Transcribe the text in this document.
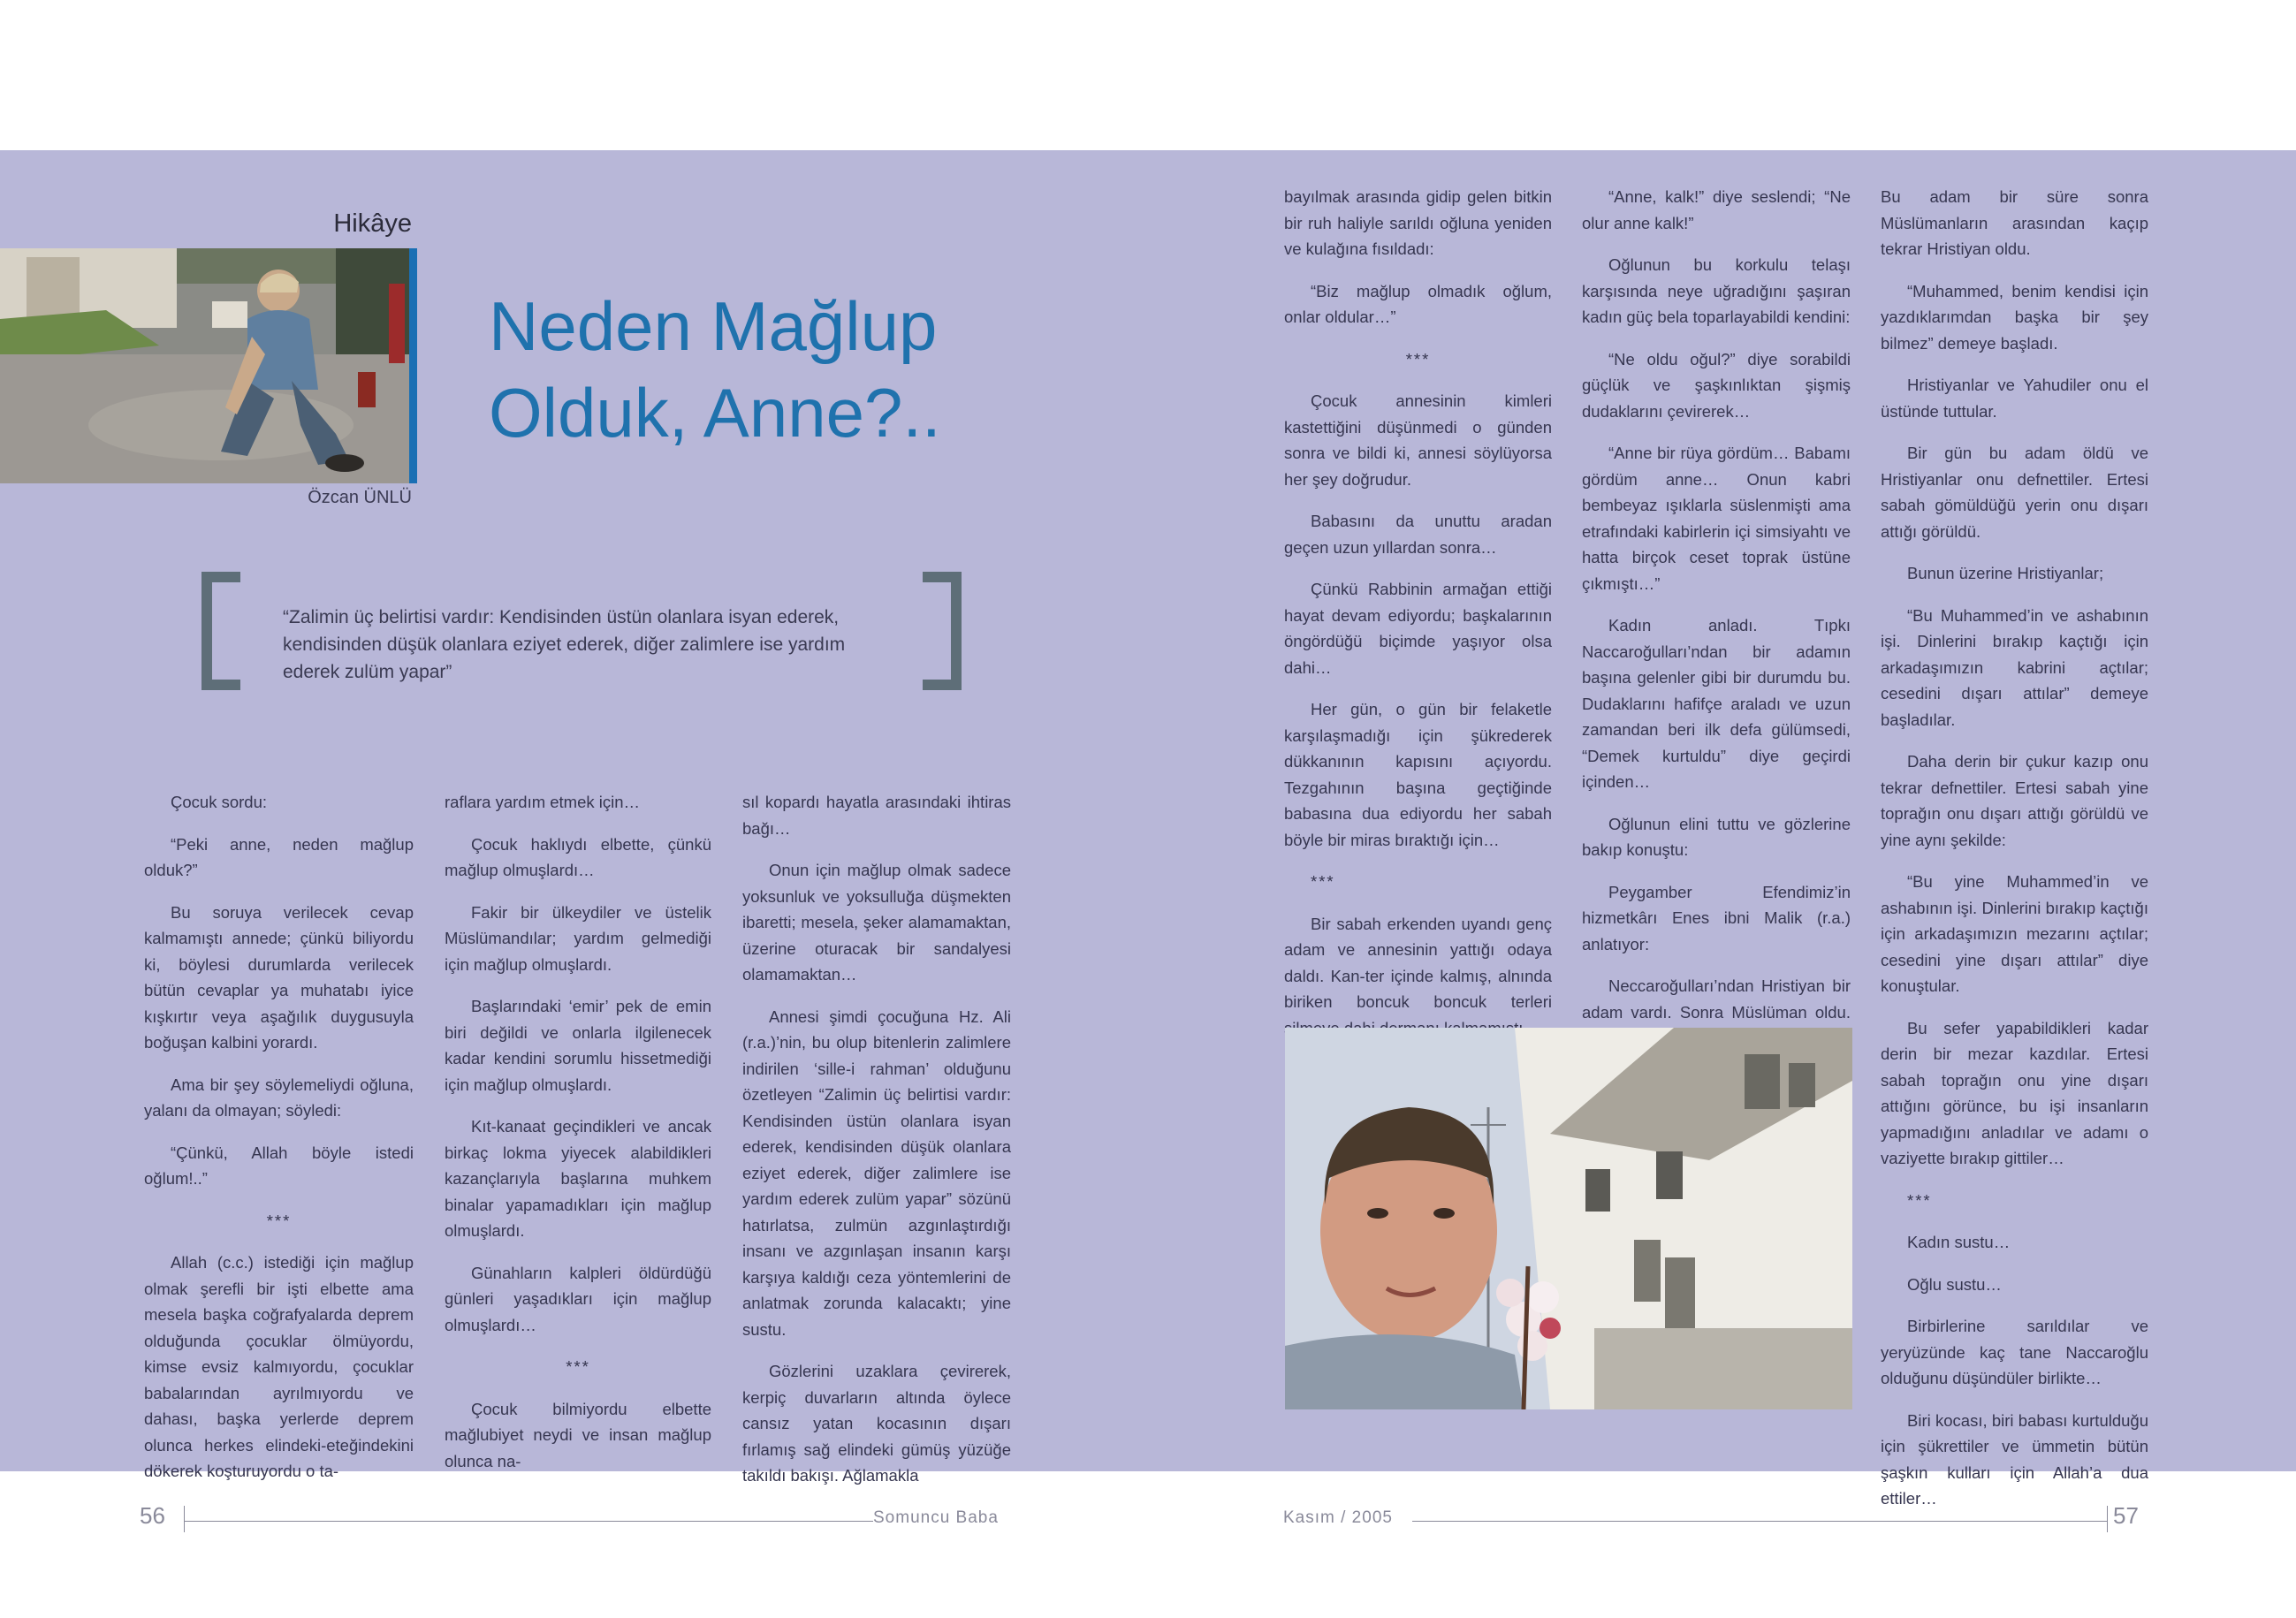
Hikâye
Özcan ÜNLÜ
Neden Mağlup
Olduk, Anne?..

“Zalimin üç belirtisi vardır: Kendisinden üstün olanlara isyan ederek, kendisinden düşük olanlara eziyet ederek, diğer zalimlere ise yardım ederek zulüm yapar”

Çocuk sordu:

“Peki anne, neden mağlup olduk?”

Bu soruya verilecek cevap kalmamıştı annede; çünkü biliyordu ki, böylesi durumlarda verilecek bütün cevaplar ya muhatabı iyice kışkırtır veya aşağılık duygusuyla boğuşan kalbini yorardı.

Ama bir şey söylemeliydi oğluna, yalanı da olmayan; söyledi:

“Çünkü, Allah böyle istedi oğlum!..”

***

Allah (c.c.) istediği için mağlup olmak şerefli bir işti elbette ama mesela başka coğrafyalarda deprem olduğunda çocuklar ölmüyordu, kimse evsiz kalmıyordu, çocuklar babalarından ayrılmıyordu ve dahası, başka yerlerde deprem olunca herkes elindeki-eteğindekini dökerek koşturuyordu o ta-

raflara yardım etmek için…

Çocuk haklıydı elbette, çünkü mağlup olmuşlardı…

Fakir bir ülkeydiler ve üstelik Müslümandılar; yardım gelmediği için mağlup olmuşlardı.

Başlarındaki ‘emir’ pek de emin biri değildi ve onlarla ilgilenecek kadar kendini sorumlu hissetmediği için mağlup olmuşlardı.

Kıt-kanaat geçindikleri ve ancak birkaç lokma yiyecek alabildikleri kazançlarıyla başlarına muhkem binalar yapamadıkları için mağlup olmuşlardı.

Günahların kalpleri öldürdüğü günleri yaşadıkları için mağlup olmuşlardı…

***

Çocuk bilmiyordu elbette mağlubiyet neydi ve insan mağlup olunca na-

sıl kopardı hayatla arasındaki ihtiras bağı…

Onun için mağlup olmak sadece yoksunluk ve yoksulluğa düşmekten ibaretti; mesela, şeker alamamaktan, üzerine oturacak bir sandalyesi olamamaktan…

Annesi şimdi çocuğuna Hz. Ali (r.a.)’nin, bu olup bitenlerin zalimlere indirilen ‘sille-i rahman’ olduğunu özetleyen “Zalimin üç belirtisi vardır: Kendisinden üstün olanlara isyan ederek, kendisinden düşük olanlara eziyet ederek, diğer zalimlere ise yardım ederek zulüm yapar” sözünü hatırlatsa, zulmün azgınlaştırdığı insanı ve azgınlaşan insanın karşı karşıya kaldığı ceza yöntemlerini de anlatmak zorunda kalacaktı; yine sustu.

Gözlerini uzaklara çevirerek, kerpiç duvarların altında öylece cansız yatan kocasının dışarı fırlamış sağ elindeki gümüş yüzüğe takıldı bakışı. Ağlamakla

bayılmak arasında gidip gelen bitkin bir ruh haliyle sarıldı oğluna yeniden ve kulağına fısıldadı:

“Biz mağlup olmadık oğlum, onlar oldular…”

***

Çocuk annesinin kimleri kastettiğini düşünmedi o günden sonra ve bildi ki, annesi söylüyorsa her şey doğrudur.

Babasını da unuttu aradan geçen uzun yıllardan sonra…

Çünkü Rabbinin armağan ettiği hayat devam ediyordu; başkalarının öngördüğü biçimde yaşıyor olsa dahi…

Her gün, o gün bir felaketle karşılaşmadığı için şükrederek dükkanının kapısını açıyordu. Tezgahının başına geçtiğinde babasına dua ediyordu her sabah böyle bir miras bıraktığı için…

***

Bir sabah erkenden uyandı genç adam ve annesinin yattığı odaya daldı. Kan-ter içinde kalmış, alnında biriken boncuk boncuk terleri

“Anne, kalk!” diye seslendi; “Ne olur anne kalk!”

Oğlunun bu korkulu telaşı karşısında neye uğradığını şaşıran kadın güç bela toparlayabildi kendini:

“Ne oldu oğul?” diye sorabildi güçlük ve şaşkınlıktan şişmiş dudaklarını çevirerek…

“Anne bir rüya gördüm… Babamı gördüm anne… Onun kabri bembeyaz ışıklarla süslenmişti ama etrafındaki kabirlerin içi simsiyahtı ve hatta birçok ceset toprak üstüne çıkmıştı…”

Kadın anladı. Tıpkı Naccaroğulları’ndan bir adamın başına gelenler gibi bir durumdu bu. Dudaklarını hafifçe araladı ve uzun zamandan beri ilk defa gülümsedi, “Demek kurtuldu” diye geçirdi içinden…

Oğlunun elini tuttu ve gözlerine bakıp konuştu:

Peygamber Efendimiz’in hizmetkârı Enes ibni Malik (r.a.) anlatıyor:

Neccaroğulları’ndan Hristiyan bir adam vardı. Sonra Müslüman oldu.

Bu adam bir süre sonra Müslümanların arasından kaçıp tekrar Hristiyan oldu.

“Muhammed, benim kendisi için yazdıklarımdan başka bir şey bilmez” demeye başladı.

Hristiyanlar ve Yahudiler onu el üstünde tuttular.

Bir gün bu adam öldü ve Hristiyanlar onu defnettiler. Ertesi sabah gömüldüğü yerin onu dışarı attığı görüldü.

Bunun üzerine Hristiyanlar;

“Bu Muhammed’in ve ashabının işi. Dinlerini bırakıp kaçtığı için arkadaşımızın kabrini açtılar; cesedini dışarı attılar” demeye başladılar.

Daha derin bir çukur kazıp onu tekrar defnettiler. Ertesi sabah yine toprağın onu dışarı attığı görüldü ve yine aynı şekilde:

“Bu yine Muhammed’in ve ashabının işi. Dinlerini bırakıp kaçtığı için arkadaşımızın mezarını açtılar; cesedini yine dışarı attılar” diye konuştular.

Bu sefer yapabildikleri kadar derin bir mezar kazdılar. Ertesi sabah toprağın onu yine dışarı attığını görünce, bu işi insanların yapmadığını anladılar ve adamı o vaziyette bırakıp gittiler…

***

Kadın sustu…

Oğlu sustu…

Birbirlerine sarıldılar ve yeryüzünde kaç tane Naccaroğlu olduğunu düşündüler birlikte…

Biri kocası, biri babası kurtulduğu için şükrettiler ve ümmetin bütün şaşkın kulları için Allah’a dua ettiler…

56	Somuncu Baba	Kasım / 2005	57
